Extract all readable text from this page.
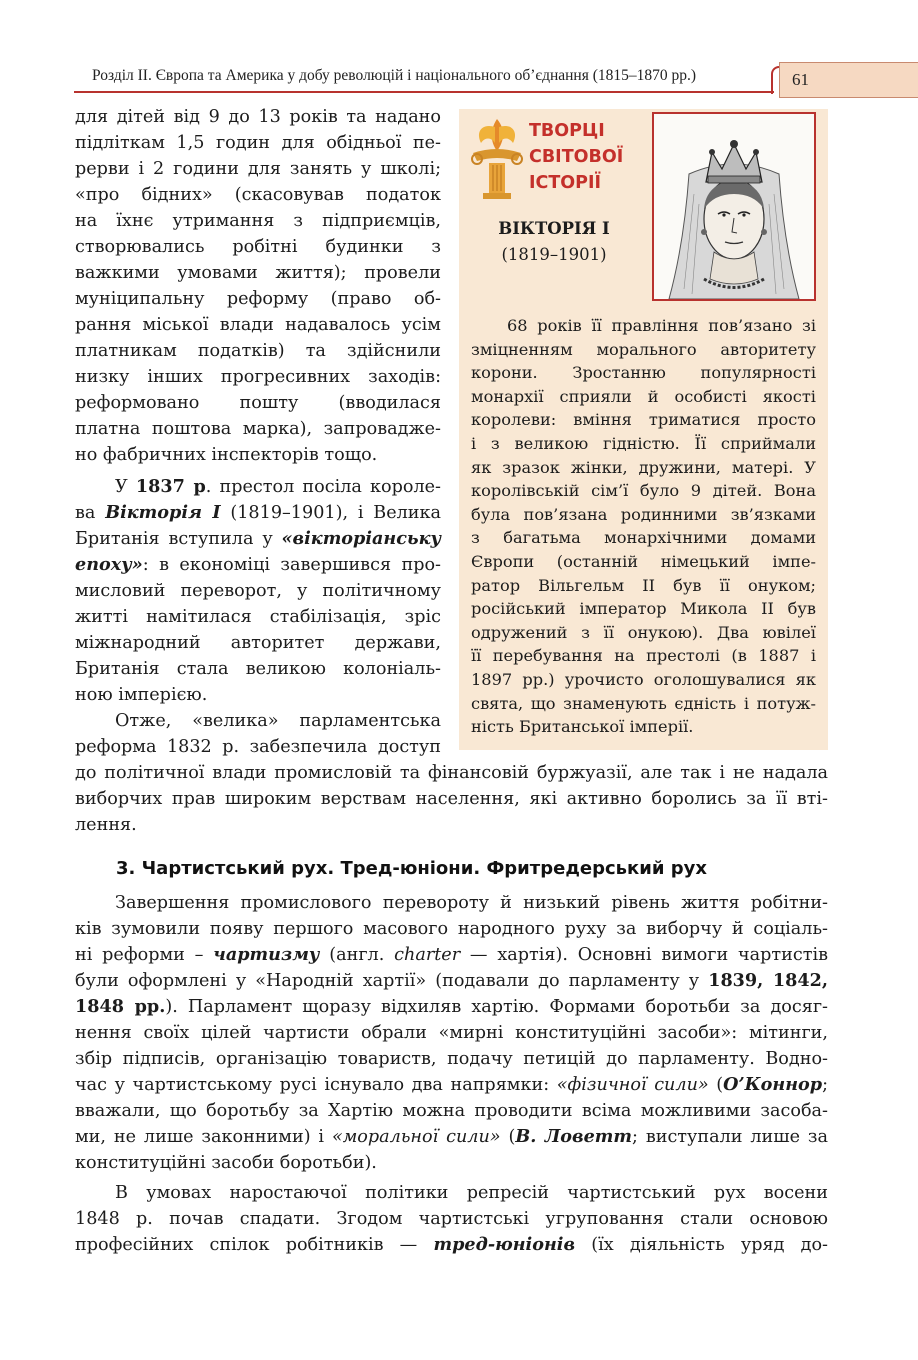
Розділ ІІ. Європа та Америка у добу революцій і національного об’єднання (1815–1870 рр.)	61
для дітей від 9 до 13 років та надано
підліткам 1,5 годин для обідньої пе-
рерви і 2 години для занять у школі;
«про бідних» (скасовував податок
на їхнє утримання з підприємців,
створювались робітні будинки з
важкими умовами життя); провели
муніципальну реформу (право об-
рання міської влади надавалось усім
платникам податків) та здійснили
низку інших прогресивних заходів:
реформовано пошту (вводилася
платна поштова марка), запроваджe-
но фабричних інспекторів тощо.
У 1837 р. престол посіла короле-
ва Вікторія І (1819–1901), і Велика
Британія вступила у «вікторіанську
епоху»: в економіці завершився про-
мисловий переворот, у політичному
житті намітилася стабілізація, зріс
міжнародний авторитет держави,
Британія стала великою колоніаль-
ною імперією.
Отже, «велика» парламентська
реформа 1832 р. забезпечила доступ
до політичної влади промисловій та фінансовій буржуазії, але так і не надала
виборчих прав широким верствам населення, які активно боролись за її вті-
лення.
ТВОРЦІ
СВІТОВОЇ
ІСТОРІЇ
ВІКТОРІЯ І
(1819–1901)
68 років її правління пов’язано зі
зміцненням морального авторитету
корони. Зростанню популярності
монархії сприяли й особисті якості
королеви: вміння триматися просто
і з великою гідністю. Її сприймали
як зразок жінки, дружини, матері. У
королівській сім’ї було 9 дітей. Вона
була пов’язана родинними зв’язками
з багатьма монархічними домами
Європи (останній німецький імпе-
ратор Вільгельм ІІ був її онуком;
російський імператор Микола ІІ був
одружений з її онукою). Два ювілеї
її перебування на престолі (в 1887 і
1897 рр.) урочисто оголошувалися як
свята, що знаменують єдність і потуж-
ність Британської імперії.
3. Чартистський рух. Тред-юніони. Фритредерський рух
Завершення промислового перевороту й низький рівень життя робітни-
ків зумовили появу першого масового народного руху за виборчу й соціаль-
ні реформи – чартизму (англ. charter — хартія). Основні вимоги чартистів
були оформлені у «Народній хартії» (подавали до парламенту у 1839, 1842,
1848 рр.). Парламент щоразу відхиляв хартію. Формами боротьби за досяг-
нення своїх цілей чартисти обрали «мирні конституційні засоби»: мітинги,
збір підписів, організацію товариств, подачу петицій до парламенту. Водно-
час у чартистському русі існувало два напрямки: «фізичної сили» (О’Коннор;
вважали, що боротьбу за Хартію можна проводити всіма можливими засоба-
ми, не лише законними) і «моральної сили» (В. Ловетт; виступали лише за
конституційні засоби боротьби).
В умовах наростаючої політики репресій чартистський рух восени
1848 р. почав спадати. Згодом чартистські угруповання стали основою
професійних спілок робітників — тред-юніонів (їх діяльність уряд до-
